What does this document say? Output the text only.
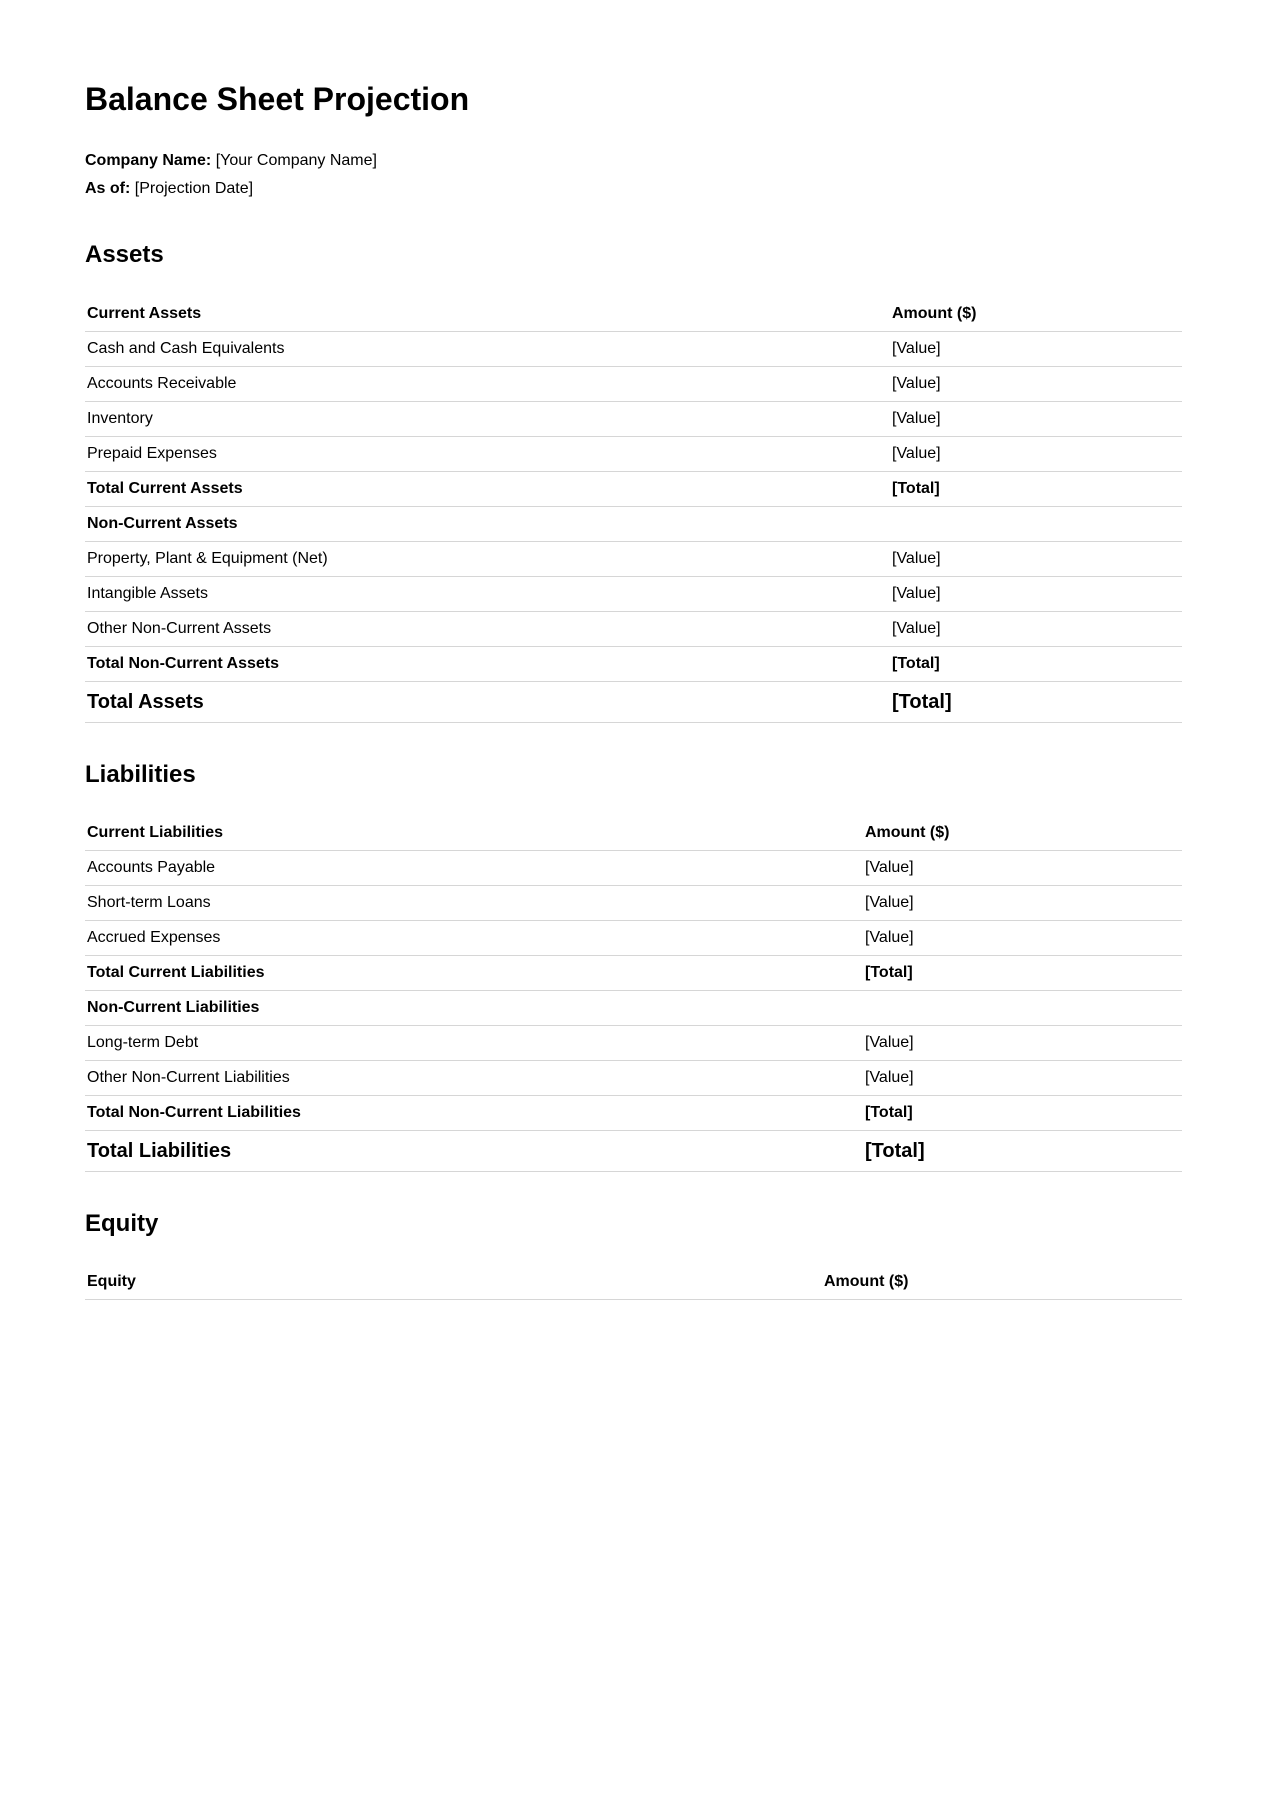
Balance Sheet Projection

Company Name: [Your Company Name]
As of: [Projection Date]

Assets
Current Assets	Amount ($)
Cash and Cash Equivalents	[Value]
Accounts Receivable	[Value]
Inventory	[Value]
Prepaid Expenses	[Value]
Total Current Assets	[Total]
Non-Current Assets	
Property, Plant & Equipment (Net)	[Value]
Intangible Assets	[Value]
Other Non-Current Assets	[Value]
Total Non-Current Assets	[Total]
Total Assets	[Total]
Liabilities
Current Liabilities	Amount ($)
Accounts Payable	[Value]
Short-term Loans	[Value]
Accrued Expenses	[Value]
Total Current Liabilities	[Total]
Non-Current Liabilities	
Long-term Debt	[Value]
Other Non-Current Liabilities	[Value]
Total Non-Current Liabilities	[Total]
Total Liabilities	[Total]
Equity
Equity	Amount ($)
